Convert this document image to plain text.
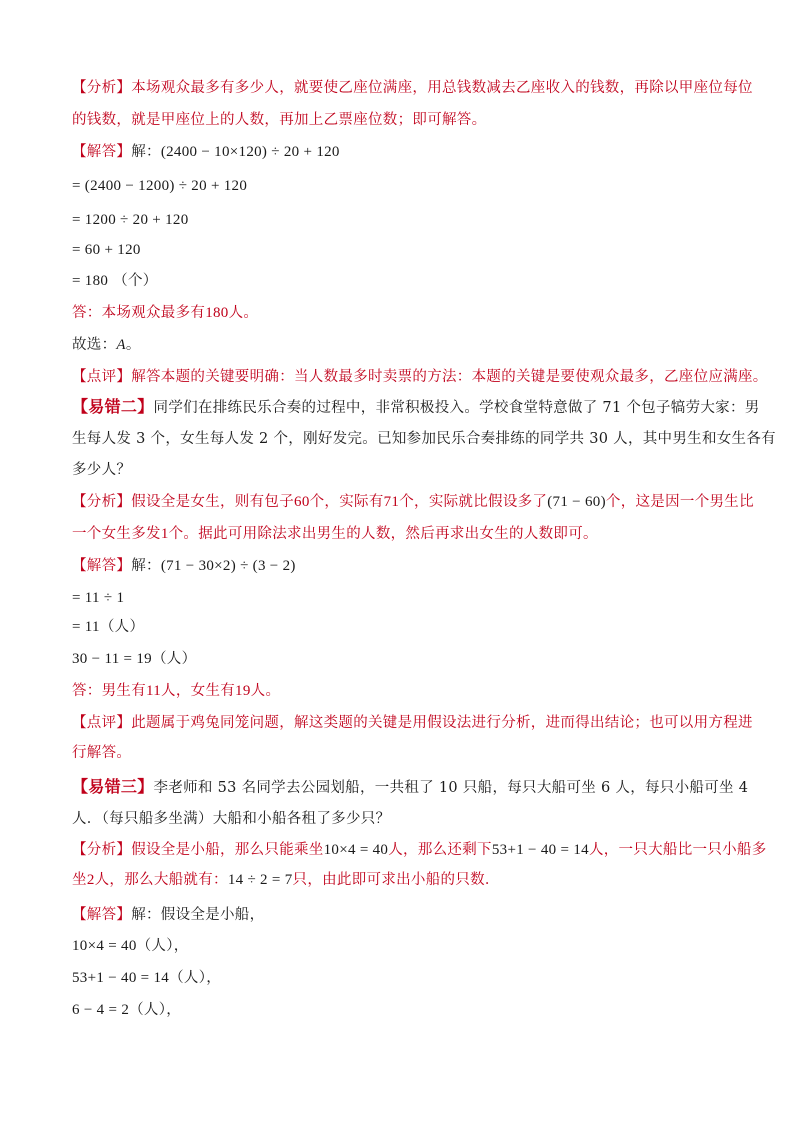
【分析】本场观众最多有多少人，就要使乙座位满座，用总钱数减去乙座收入的钱数，再除以甲座位每位
的钱数，就是甲座位上的人数，再加上乙票座位数；即可解答。
【解答】解：(2400 − 10×120) ÷ 20 + 120
= (2400 − 1200) ÷ 20 + 120
= 1200 ÷ 20 + 120
= 60 + 120
= 180 （个）
答：本场观众最多有180人。
故选：A。
【点评】解答本题的关键要明确：当人数最多时卖票的方法：本题的关键是要使观众最多，乙座位应满座。
【易错二】同学们在排练民乐合奏的过程中，非常积极投入。学校食堂特意做了 71 个包子犒劳大家：男
生每人发 3 个，女生每人发 2 个，刚好发完。已知参加民乐合奏排练的同学共 30 人，其中男生和女生各有
多少人？
【分析】假设全是女生，则有包子60个，实际有71个，实际就比假设多了(71 − 60)个，这是因一个男生比
一个女生多发1个。据此可用除法求出男生的人数，然后再求出女生的人数即可。
【解答】解：(71 − 30×2) ÷ (3 − 2)
= 11 ÷ 1
= 11（人）
30 − 11 = 19（人）
答：男生有11人，女生有19人。
【点评】此题属于鸡兔同笼问题，解这类题的关键是用假设法进行分析，进而得出结论；也可以用方程进
行解答。
【易错三】李老师和 53 名同学去公园划船，一共租了 10 只船，每只大船可坐 6 人，每只小船可坐 4
人．（每只船多坐满）大船和小船各租了多少只？
【分析】假设全是小船，那么只能乘坐10×4 = 40人，那么还剩下53+1 − 40 = 14人，一只大船比一只小船多
坐2人，那么大船就有：14 ÷ 2 = 7只，由此即可求出小船的只数．
【解答】解：假设全是小船，
10×4 = 40（人），
53+1 − 40 = 14（人），
6 − 4 = 2（人），
